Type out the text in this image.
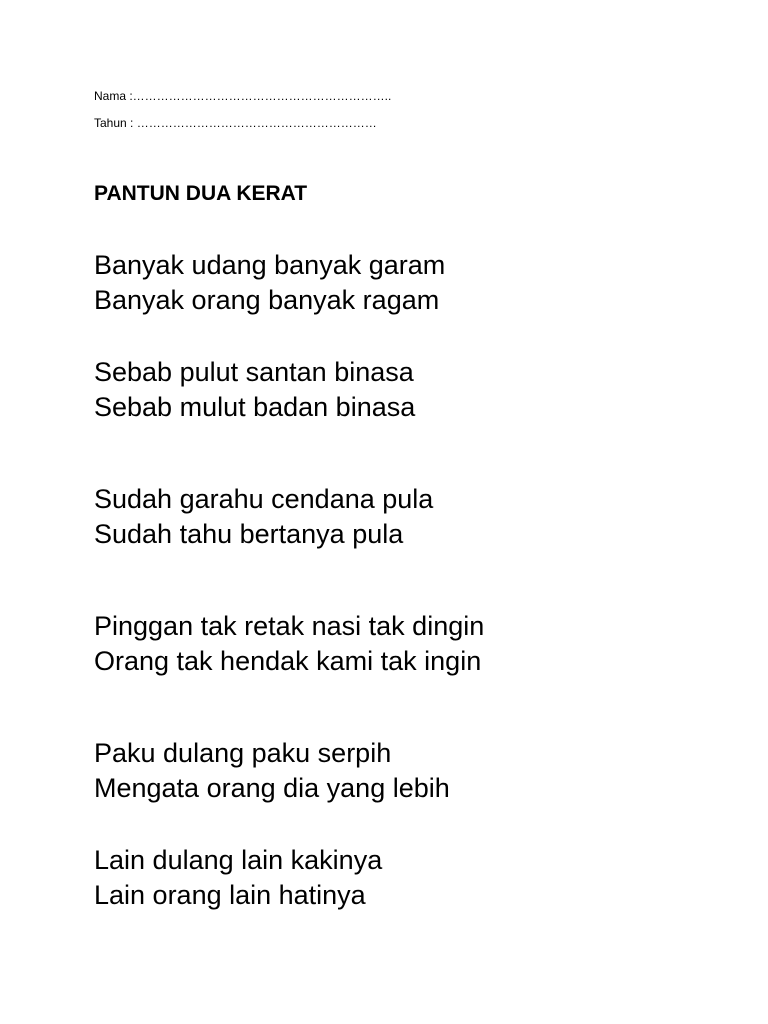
Nama :………………………………………………………..
Tahun : ……………………………………………………
PANTUN DUA KERAT
Banyak udang banyak garam
Banyak orang banyak ragam
Sebab pulut santan binasa
Sebab mulut badan binasa
Sudah garahu cendana pula
Sudah tahu bertanya pula
Pinggan tak retak nasi tak dingin
Orang tak hendak kami tak ingin
Paku dulang paku serpih
Mengata orang dia yang lebih
Lain dulang lain kakinya
Lain orang lain hatinya
